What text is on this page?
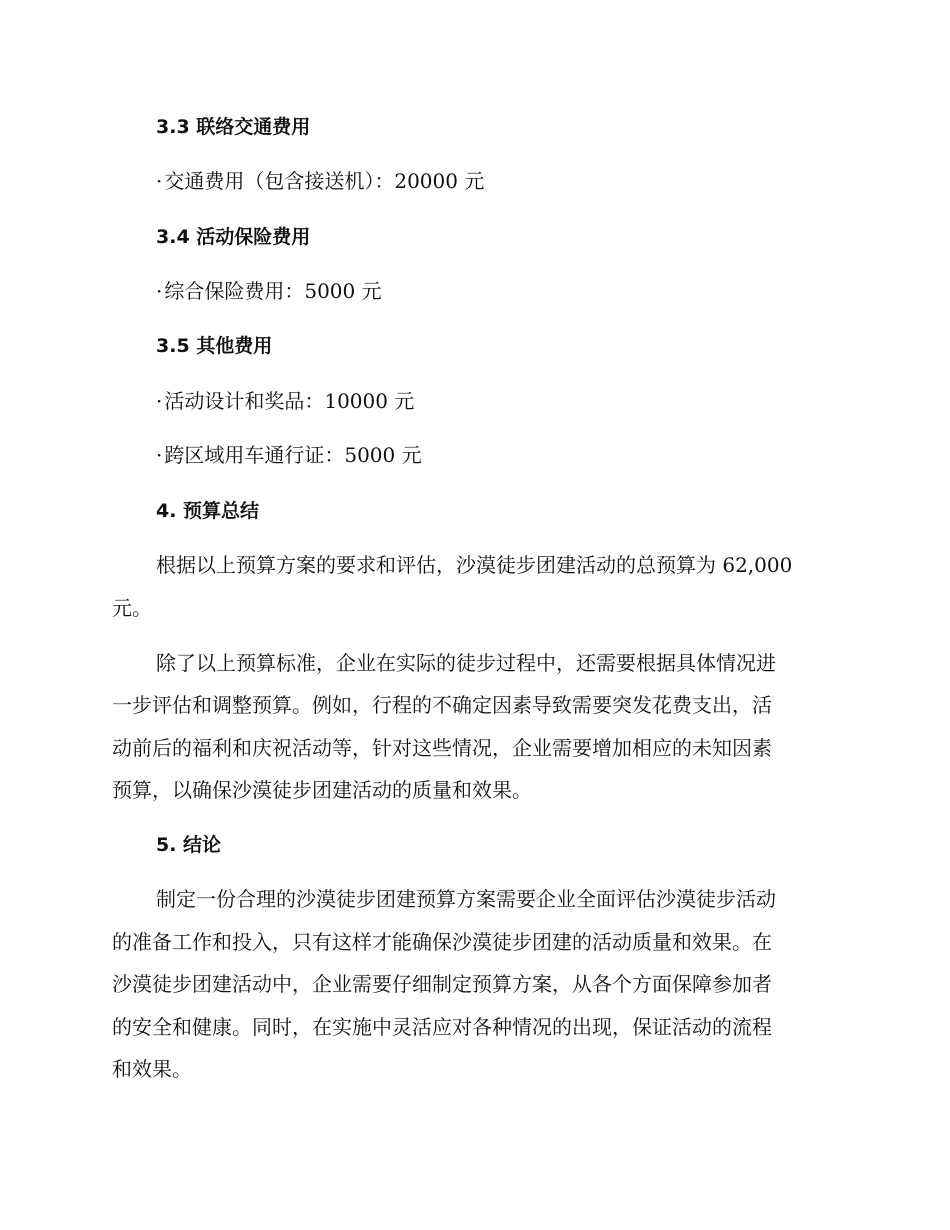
3.3 联络交通费用
· 交通费用（包含接送机）：20000 元
3.4 活动保险费用
· 综合保险费用：5000 元
3.5 其他费用
· 活动设计和奖品：10000 元
· 跨区域用车通行证：5000 元
4. 预算总结
根据以上预算方案的要求和评估，沙漠徒步团建活动的总预算为 62,000
元。
除了以上预算标准，企业在实际的徒步过程中，还需要根据具体情况进
一步评估和调整预算。例如，行程的不确定因素导致需要突发花费支出，活
动前后的福利和庆祝活动等，针对这些情况，企业需要增加相应的未知因素
预算，以确保沙漠徒步团建活动的质量和效果。
5. 结论
制定一份合理的沙漠徒步团建预算方案需要企业全面评估沙漠徒步活动
的准备工作和投入，只有这样才能确保沙漠徒步团建的活动质量和效果。在
沙漠徒步团建活动中，企业需要仔细制定预算方案，从各个方面保障参加者
的安全和健康。同时，在实施中灵活应对各种情况的出现，保证活动的流程
和效果。
